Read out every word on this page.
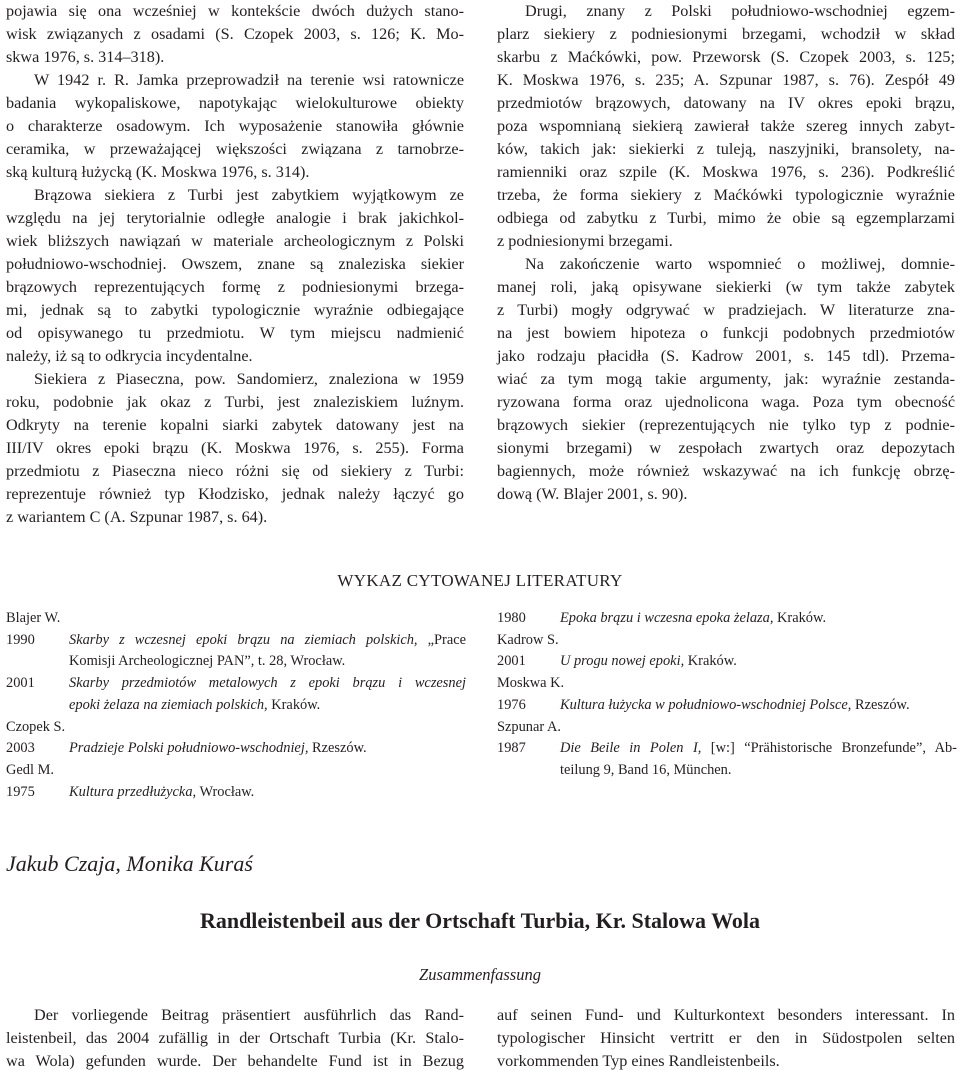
pojawia się ona wcześniej w kontekście dwóch dużych stano-
wisk związanych z osadami (S. Czopek 2003, s. 126; K. Mo-
skwa 1976, s. 314–318).
W 1942 r. R. Jamka przeprowadził na terenie wsi ratownicze
badania wykopaliskowe, napotykając wielokulturowe obiekty
o charakterze osadowym. Ich wyposażenie stanowiła głównie
ceramika, w przeważającej większości związana z tarnobrze-
ską kulturą łużycką (K. Moskwa 1976, s. 314).
Brązowa siekiera z Turbi jest zabytkiem wyjątkowym ze
względu na jej terytorialnie odległe analogie i brak jakichkol-
wiek bliższych nawiązań w materiale archeologicznym z Polski
południowo-wschodniej. Owszem, znane są znaleziska siekier
brązowych reprezentujących formę z podniesionymi brzega-
mi, jednak są to zabytki typologicznie wyraźnie odbiegające
od opisywanego tu przedmiotu. W tym miejscu nadmienić
należy, iż są to odkrycia incydentalne.
Siekiera z Piaseczna, pow. Sandomierz, znaleziona w 1959
roku, podobnie jak okaz z Turbi, jest znaleziskiem luźnym.
Odkryty na terenie kopalni siarki zabytek datowany jest na
III/IV okres epoki brązu (K. Moskwa 1976, s. 255). Forma
przedmiotu z Piaseczna nieco różni się od siekiery z Turbi:
reprezentuje również typ Kłodzisko, jednak należy łączyć go
z wariantem C (A. Szpunar 1987, s. 64).
Drugi, znany z Polski południowo-wschodniej egzem-
plarz siekiery z podniesionymi brzegami, wchodził w skład
skarbu z Maćkówki, pow. Przeworsk (S. Czopek 2003, s. 125;
K. Moskwa 1976, s. 235; A. Szpunar 1987, s. 76). Zespół 49
przedmiotów brązowych, datowany na IV okres epoki brązu,
poza wspomnianą siekierą zawierał także szereg innych zabyt-
ków, takich jak: siekierki z tuleją, naszyjniki, bransolety, na-
ramienniki oraz szpile (K. Moskwa 1976, s. 236). Podkreślić
trzeba, że forma siekiery z Maćkówki typologicznie wyraźnie
odbiega od zabytku z Turbi, mimo że obie są egzemplarzami
z podniesionymi brzegami.
Na zakończenie warto wspomnieć o możliwej, domnie-
manej roli, jaką opisywane siekierki (w tym także zabytek
z Turbi) mogły odgrywać w pradziejach. W literaturze zna-
na jest bowiem hipoteza o funkcji podobnych przedmiotów
jako rodzaju płacidła (S. Kadrow 2001, s. 145 tdl). Przema-
wiać za tym mogą takie argumenty, jak: wyraźnie zestanda-
ryzowana forma oraz ujednolicona waga. Poza tym obecność
brązowych siekier (reprezentujących nie tylko typ z podnie-
sionymi brzegami) w zespołach zwartych oraz depozytach
bagiennych, może również wskazywać na ich funkcję obrzę-
dową (W. Blajer 2001, s. 90).
WYKAZ CYTOWANEJ LITERATURY
Blajer W.
1990	Skarby z wczesnej epoki brązu na ziemiach polskich, „Prace
Komisji Archeologicznej PAN”, t. 28, Wrocław.
2001	Skarby przedmiotów metalowych z epoki brązu i wczesnej
epoki żelaza na ziemiach polskich, Kraków.
Czopek S.
2003	Pradzieje Polski południowo-wschodniej, Rzeszów.
Gedl M.
1975	Kultura przedłużycka, Wrocław.
1980	Epoka brązu i wczesna epoka żelaza, Kraków.
Kadrow S.
2001	U progu nowej epoki, Kraków.
Moskwa K.
1976	Kultura łużycka w południowo-wschodniej Polsce, Rzeszów.
Szpunar A.
1987	Die Beile in Polen I, [w:] “Prähistorische Bronzefunde”, Ab-
teilung 9, Band 16, München.
Jakub Czaja, Monika Kuraś
Randleistenbeil aus der Ortschaft Turbia, Kr. Stalowa Wola
Zusammenfassung
Der vorliegende Beitrag präsentiert ausführlich das Rand-
leistenbeil, das 2004 zufällig in der Ortschaft Turbia (Kr. Stalo-
wa Wola) gefunden wurde. Der behandelte Fund ist in Bezug
auf seinen Fund- und Kulturkontext besonders interessant. In
typologischer Hinsicht vertritt er den in Südostpolen selten
vorkommenden Typ eines Randleistenbeils.
